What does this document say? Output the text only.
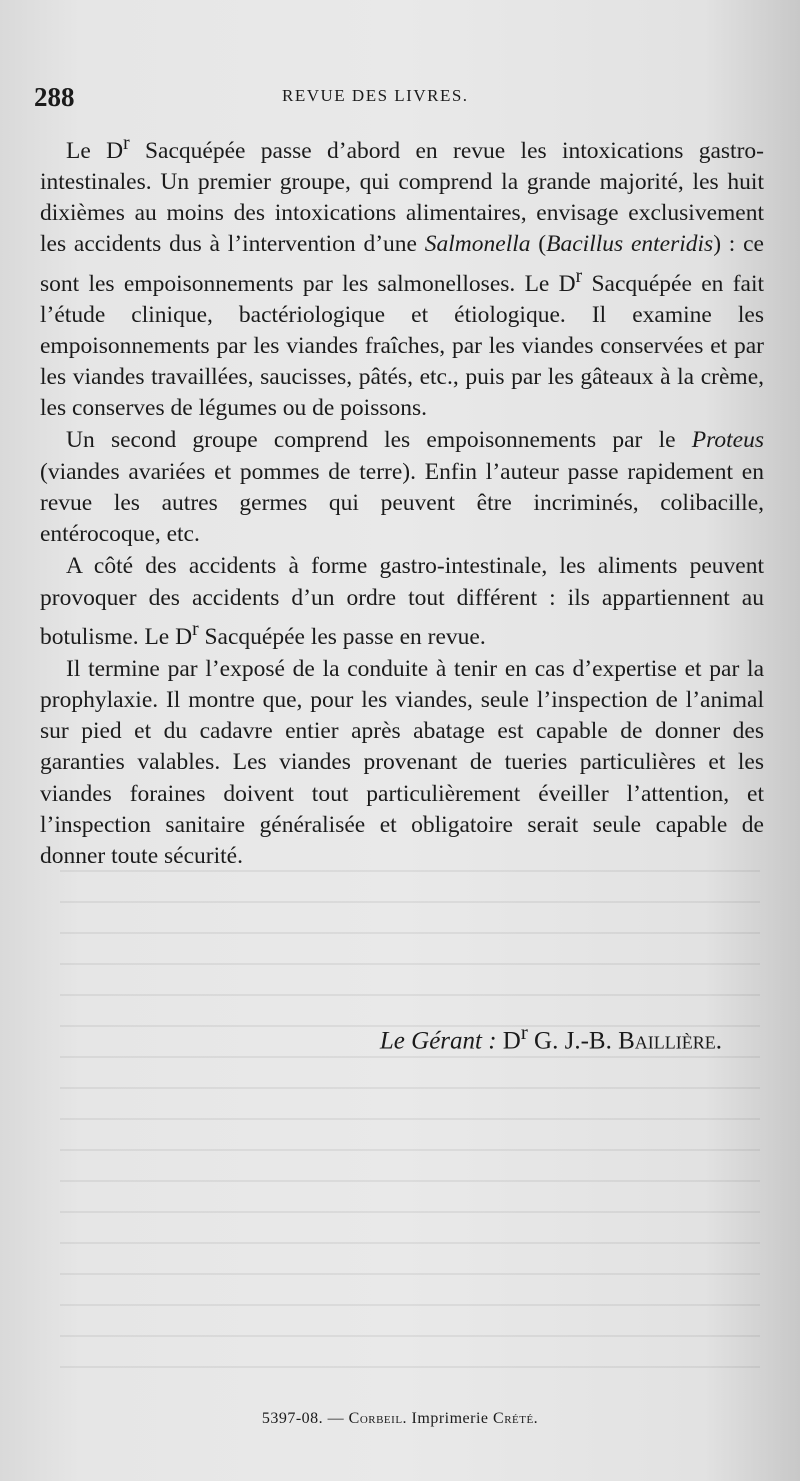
288	REVUE DES LIVRES.

Le $D^r$ Sacquépée passe d’abord en revue les intoxications gastro-intestinales. Un premier groupe, qui comprend la grande majorité, les huit dixièmes au moins des intoxications alimentaires, envisage exclusivement les accidents dus à l’intervention d’une Salmonella (Bacillus enteridis) : ce sont les empoisonnements par les salmonelloses. Le $D^r$ Sacquépée en fait l’étude clinique, bactériologique et étiologique. Il examine les empoisonnements par les viandes fraîches, par les viandes conservées et par les viandes travaillées, saucisses, pâtés, etc., puis par les gâteaux à la crème, les conserves de légumes ou de poissons.

Un second groupe comprend les empoisonnements par le Proteus (viandes avariées et pommes de terre). Enfin l’auteur passe rapidement en revue les autres germes qui peuvent être incriminés, colibacille, entérocoque, etc.

A côté des accidents à forme gastro-intestinale, les aliments peuvent provoquer des accidents d’un ordre tout différent : ils appartiennent au botulisme. Le $D^r$ Sacquépée les passe en revue.

Il termine par l’exposé de la conduite à tenir en cas d’expertise et par la prophylaxie. Il montre que, pour les viandes, seule l’inspection de l’animal sur pied et du cadavre entier après abatage est capable de donner des garanties valables. Les viandes provenant de tueries particulières et les viandes foraines doivent tout particulièrement éveiller l’attention, et l’inspection sanitaire généralisée et obligatoire serait seule capable de donner toute sécurité.

Le Gérant : $D^r$ G. J.-B. Baillière.
5397-08. — Corbeil. Imprimerie Crété.
